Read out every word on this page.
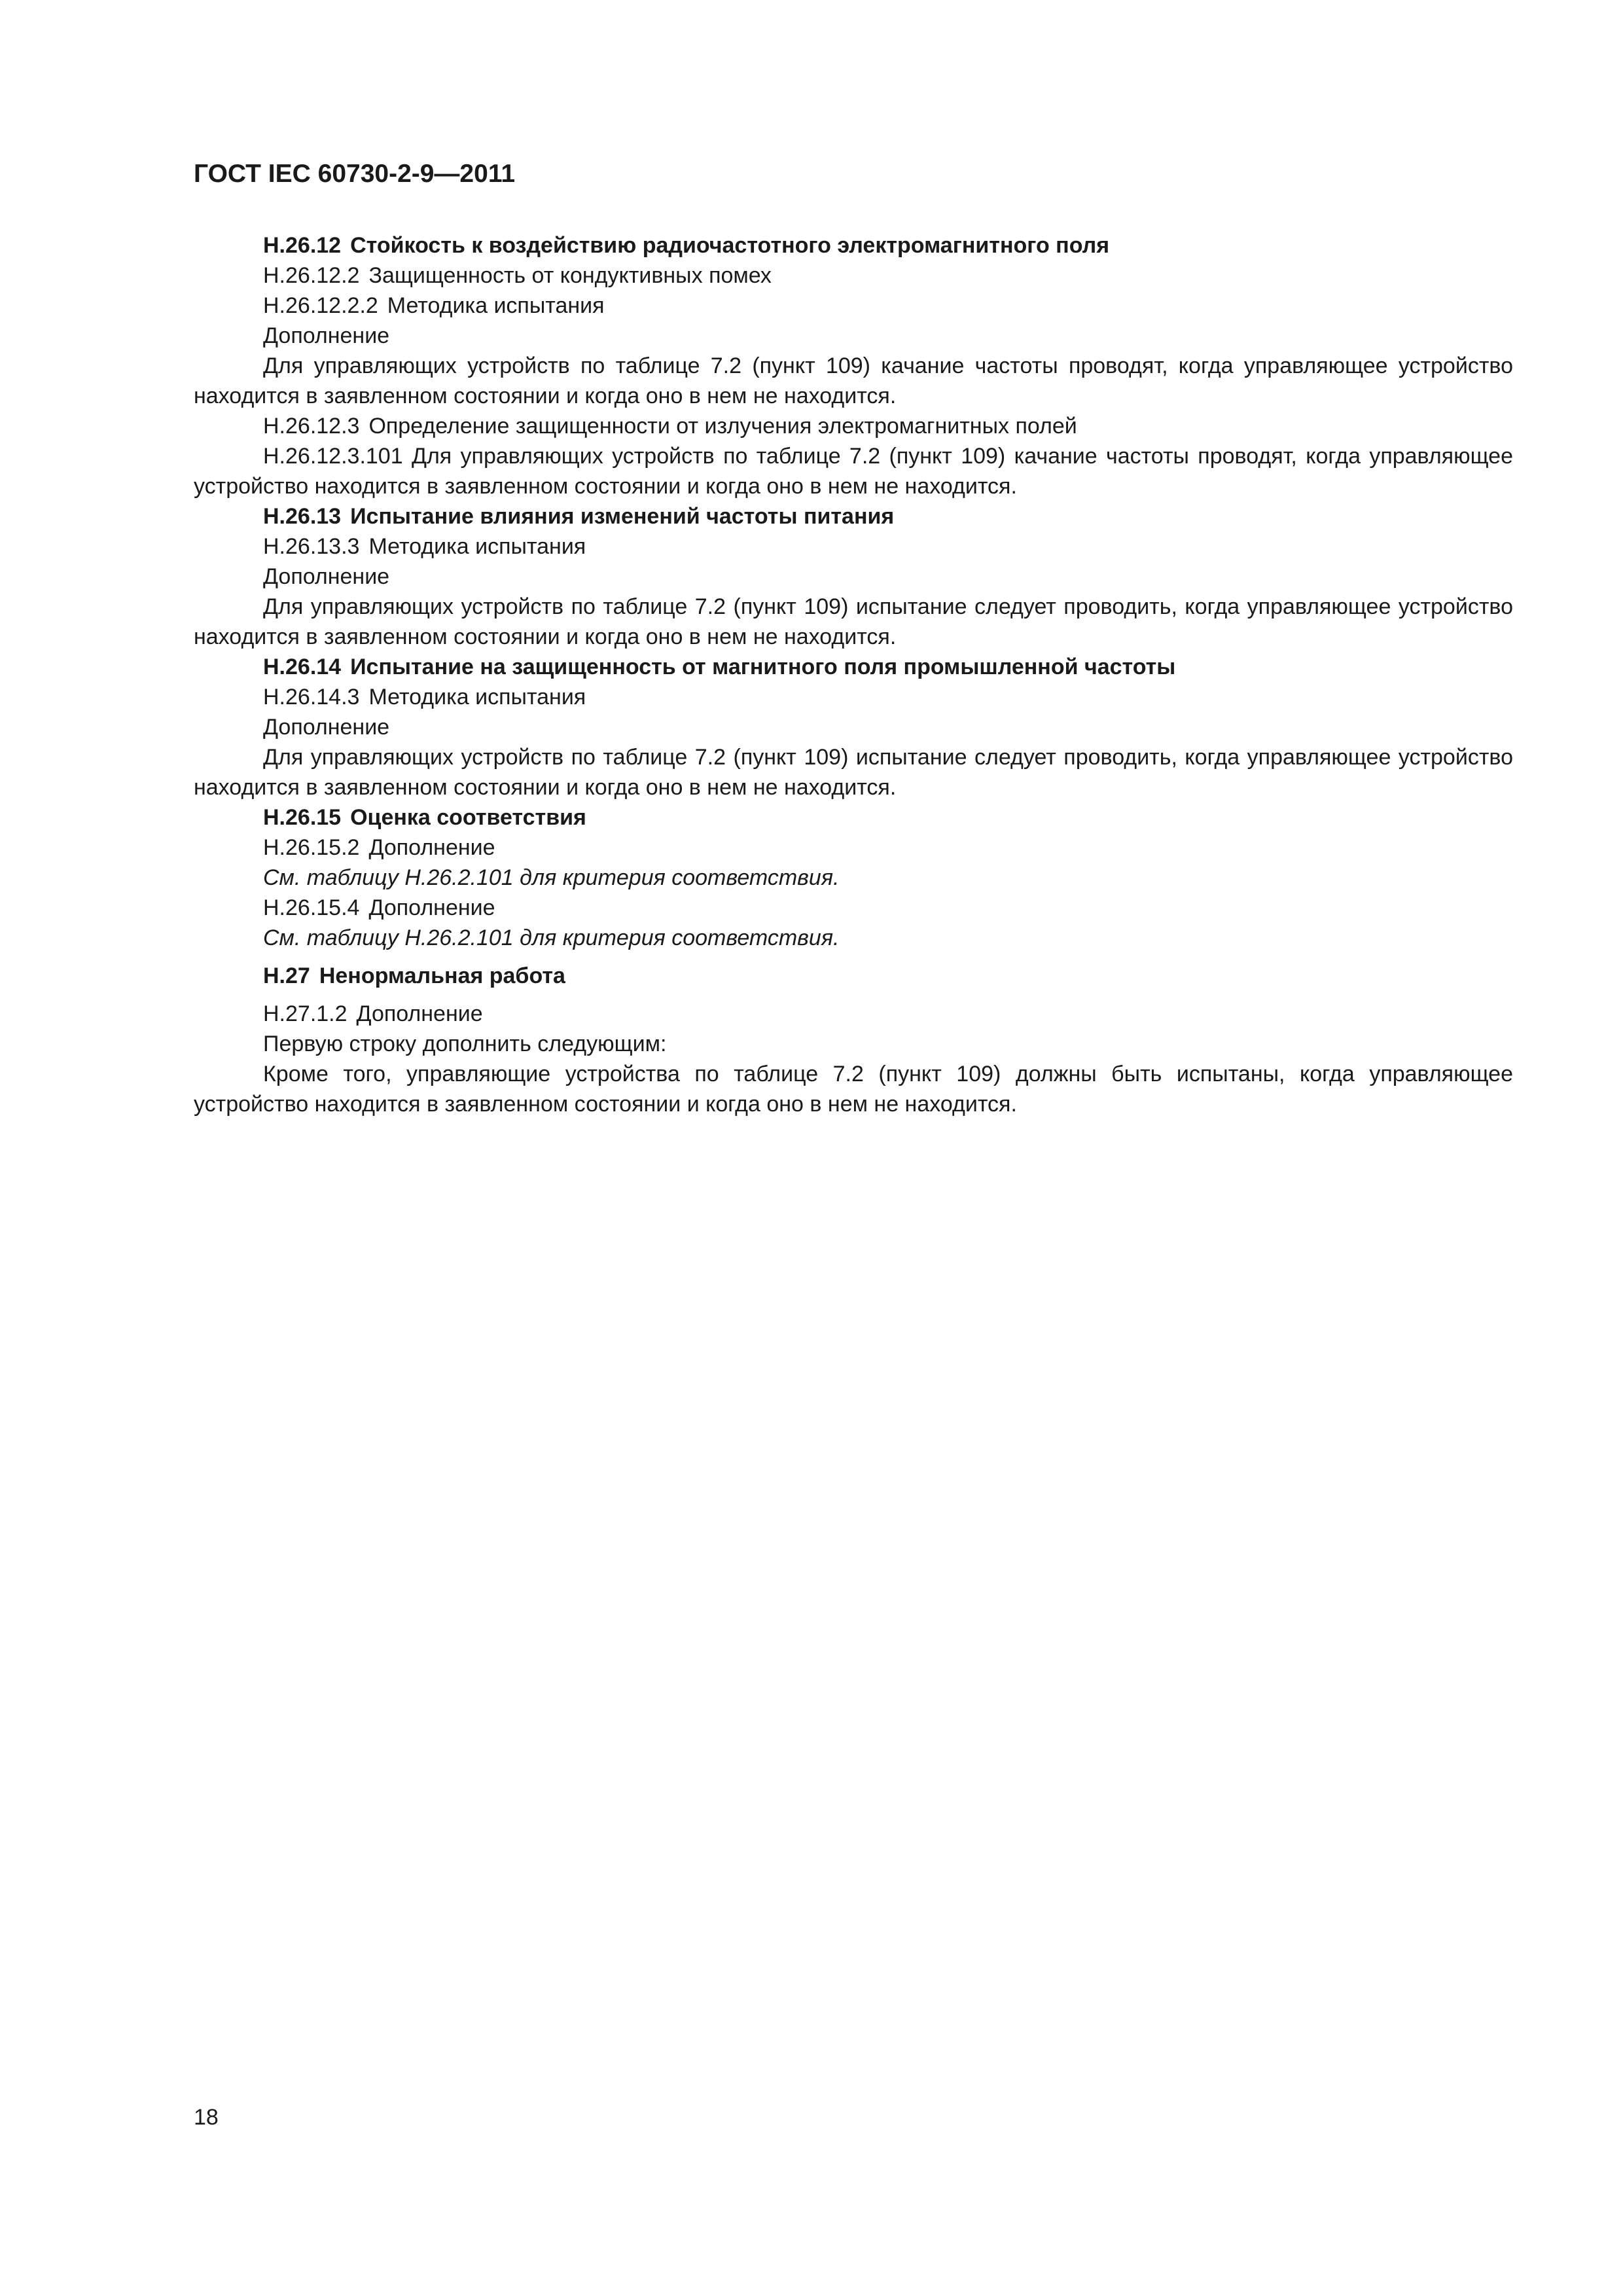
ГОСТ IEC 60730-2-9—2011
Н.26.12 Стойкость к воздействию радиочастотного электромагнитного поля
Н.26.12.2 Защищенность от кондуктивных помех
Н.26.12.2.2 Методика испытания
Дополнение

Для управляющих устройств по таблице 7.2 (пункт 109) качание частоты проводят, когда управляющее устройство находится в заявленном состоянии и когда оно в нем не находится.

Н.26.12.3 Определение защищенности от излучения электромагнитных полей

Н.26.12.3.101 Для управляющих устройств по таблице 7.2 (пункт 109) качание частоты проводят, когда управляющее устройство находится в заявленном состоянии и когда оно в нем не находится.

Н.26.13 Испытание влияния изменений частоты питания
Н.26.13.3 Методика испытания
Дополнение

Для управляющих устройств по таблице 7.2 (пункт 109) испытание следует проводить, когда управляющее устройство находится в заявленном состоянии и когда оно в нем не находится.

Н.26.14 Испытание на защищенность от магнитного поля промышленной частоты
Н.26.14.3 Методика испытания
Дополнение

Для управляющих устройств по таблице 7.2 (пункт 109) испытание следует проводить, когда управляющее устройство находится в заявленном состоянии и когда оно в нем не находится.

Н.26.15 Оценка соответствия
Н.26.15.2 Дополнение
См. таблицу Н.26.2.101 для критерия соответствия.
Н.26.15.4 Дополнение
См. таблицу Н.26.2.101 для критерия соответствия.
Н.27 Ненормальная работа
Н.27.1.2 Дополнение
Первую строку дополнить следующим:

Кроме того, управляющие устройства по таблице 7.2 (пункт 109) должны быть испытаны, когда управляющее устройство находится в заявленном состоянии и когда оно в нем не находится.

18
